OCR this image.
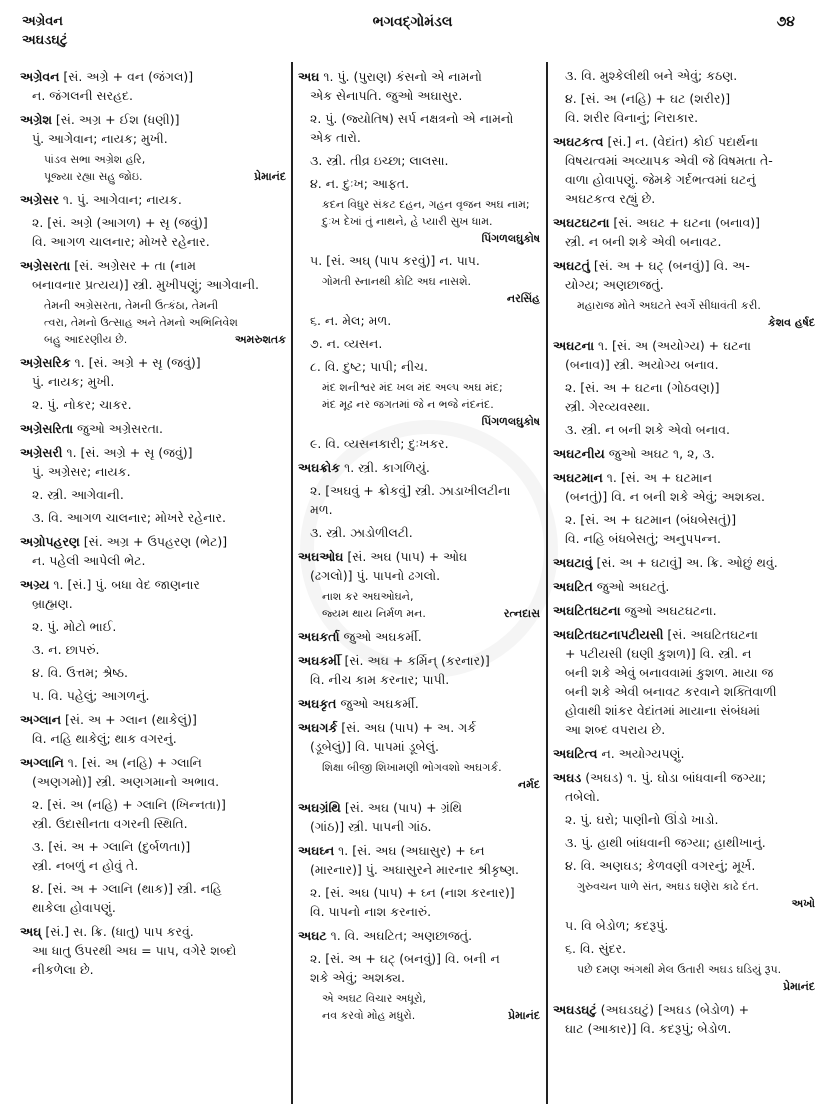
અગ્રેવન
અઘડઘટું
ભગવદ્ગોમંડલ	૭૪
અગ્રેવન [સં. અગ્રે + વન (જંગલ)]
ન. જંગલની સરહદ.
અગ્રેશ [સં. અગ્ર + ઈશ (ધણી)]
પું. આગેવાન; નાયક; મુખી.
પાંડવ સભા અગ્રેશ હરિ,
પ્રેમાનંદ
પૂજ્યા રહ્યા સહુ જોઇ.
અગ્રેસર ૧. પું. આગેવાન; નાયક.
૨. [સં. અગ્રે (આગળ) + સૃ (જવું)]
વિ. આગળ ચાલનાર; મોખરે રહેનાર.
અગ્રેસરતા [સં. અગ્રેસર + તા (નામ
બનાવનાર પ્રત્યય)] સ્ત્રી. મુખીપણું; આગેવાની.
તેમની અગ્રેસરતા, તેમની ઉત્કંઠા, તેમની
ત્વરા, તેમનો ઉત્સાહ અને તેમનો અભિનિવેશ
અમરુશતક
બહુ આદરણીય છે.
અગ્રેસરિક ૧. [સં. અગ્રે + સૃ (જવું)]
પું. નાયક; મુખી.
૨. પું. નોકર; ચાકર.
અગ્રેસરિતા જુઓ અગ્રેસરતા.
અગ્રેસરી ૧. [સં. અગ્રે + સૃ (જવું)]
પું. અગ્રેસર; નાયક.
૨. સ્ત્રી. આગેવાની.
૩. વિ. આગળ ચાલનાર; મોખરે રહેનાર.
અગ્રોપહરણ [સં. અગ્ર + ઉપહરણ (ભેટ)]
ન. પહેલી આપેલી ભેટ.
અગ્ર્ય ૧. [સં.] પું. બધા વેદ જાણનાર
બ્રાહ્મણ.
૨. પું. મોટો ભાઈ.
૩. ન. છાપરું.
૪. વિ. ઉત્તમ; શ્રેષ્ઠ.
૫. વિ. પહેલું; આગળનું.
અગ્લાન [સં. અ + ગ્લાન (થાકેલું)]
વિ. નહિ થાકેલું; થાક વગરનું.
અગ્લાનિ ૧. [સં. અ (નહિ) + ગ્લાનિ
(અણગમો)] સ્ત્રી. અણગમાનો અભાવ.
૨. [સં. અ (નહિ) + ગ્લાનિ (ખિન્નતા)]
સ્ત્રી. ઉદાસીનતા વગરની સ્થિતિ.
૩. [સં. અ + ગ્લાનિ (દુર્બળતા)]
સ્ત્રી. નબળું ન હોવું તે.
૪. [સં. અ + ગ્લાનિ (થાક)] સ્ત્રી. નહિ
થાકેલા હોવાપણું.
અઘ્ [સં.] સ. ક્રિ. (ધાતુ) પાપ કરવું.
આ ધાતુ ઉપરથી અઘ = પાપ, વગેરે શબ્દો
નીકળેલા છે.
અઘ ૧. પું. (પુરાણ) કંસનો એ નામનો
એક સેનાપતિ. જુઓ અઘાસુર.
૨. પું. (જ્યોતિષ) સર્પ નક્ષત્રનો એ નામનો
એક તારો.
૩. સ્ત્રી. તીવ્ર ઇચ્છા; લાલસા.
૪. ન. દુઃખ; આફત.
કદન વિધુર સંકટ દહન, ગહન વૃજન અઘ નામ;
દુઃખ દેખાં તું નાથને, હે પ્યારી સુખ ધામ.
પિંગળલઘુકોષ
૫. [સં. અઘ્ (પાપ કરવું)] ન. પાપ.
ગોમતી સ્નાનથી કોટિ અઘ નાસશે.
નરસિંહ
૬. ન. મેલ; મળ.
૭. ન. વ્યસન.
૮. વિ. દુષ્ટ; પાપી; નીચ.
મંદ શનીશ્વર મંદ ખલ મંદ અલ્પ અઘ મંદ;
મંદ મૂઢ નર જગતમાં જે ન ભજે નંદનંદ.
પિંગળલઘુકોષ
૯. વિ. વ્યસનકારી; દુઃખકર.
અઘક્રોક ૧. સ્ત્રી. કાગળિયું.
૨. [અઘવું + ક્રોકવું] સ્ત્રી. ઝાડાખીલટીના
મળ.
૩. સ્ત્રી. ઝાડોળીલટી.
અઘઓઘ [સં. અઘ (પાપ) + ઓઘ
(ઢગલો)] પું. પાપનો ઢગલો.
નાશ કર અઘઓઘને,
રત્નદાસ
જ્યમ થાય નિર્મળ મન.
અઘકર્તા જુઓ અઘકર્મી.
અઘકર્મી [સં. અઘ + કર્મિન્ (કરનાર)]
વિ. નીચ કામ કરનાર; પાપી.
અઘકૃત જુઓ અઘકર્મી.
અઘગર્ક [સં. અઘ (પાપ) + અ. ગર્ક
(ડૂબેલું)] વિ. પાપમાં ડૂબેલું.
શિક્ષા બીજી શિખામણી ભોગવશો અઘગર્ક.
નર્મદ
અઘગ્રંથિ [સં. અઘ (પાપ) + ગ્રંથિ
(ગાંઠ)] સ્ત્રી. પાપની ગાંઠ.
અઘઘ્ન ૧. [સં. અઘ (અઘાસુર) + ઘ્ન
(મારનાર)] પું. અઘાસુરને મારનાર શ્રીકૃષ્ણ.
૨. [સં. અઘ (પાપ) + ઘ્ન (નાશ કરનાર)]
વિ. પાપનો નાશ કરનારું.
અઘટ ૧. વિ. અઘટિત; અણછાજતું.
૨. [સં. અ + ઘટ્ (બનવું)] વિ. બની ન
શકે એવું; અશક્ય.
એ અઘટ વિચાર અધૂરો,
પ્રેમાનંદ
નવ કરવો મોહ મધુરો.
૩. વિ. મુશ્કેલીથી બને એવું; કઠણ.
૪. [સં. અ (નહિ) + ઘટ (શરીર)]
વિ. શરીર વિનાનું; નિરાકાર.
અઘટકત્વ [સં.] ન. (વેદાંત) કોઈ પદાર્થના
વિષયત્વમાં અવ્યાપક એવી જે વિષમતા તે-
વાળા હોવાપણું. જેમકે ગર્દભત્વમાં ઘટનું
અઘટકત્વ રહ્યું છે.
અઘટઘટના [સં. અઘટ + ઘટના (બનાવ)]
સ્ત્રી. ન બની શકે એવી બનાવટ.
અઘટતું [સં. અ + ઘટ્ (બનવું)] વિ. અ-
યોગ્ય; અણછાજતું.
મહારાજ મોતે અઘટતે સ્વર્ગે સીધાવંતી કરી.
કેશવ હર્ષદ
અઘટના ૧. [સં. અ (અયોગ્ય) + ઘટના
(બનાવ)] સ્ત્રી. અયોગ્ય બનાવ.
૨. [સં. અ + ઘટના (ગોઠવણ)]
સ્ત્રી. ગેરવ્યવસ્થા.
૩. સ્ત્રી. ન બની શકે એવો બનાવ.
અઘટનીય જુઓ અઘટ ૧, ૨, ૩.
અઘટમાન ૧. [સં. અ + ઘટમાન
(બનતું)] વિ. ન બની શકે એવું; અશક્ય.
૨. [સં. અ + ઘટમાન (બંધબેસતું)]
વિ. નહિ બંધબેસતું; અનુપપન્ન.
અઘટાવું [સં. અ + ઘટાવું] અ. ક્રિ. ઓછું થવું.
અઘટિત જુઓ અઘટતું.
અઘટિતઘટના જુઓ અઘટઘટના.
અઘટિતઘટનાપટીયસી [સં. અઘટિતઘટના
+ પટીયસી (ઘણી કુશળ)] વિ. સ્ત્રી. ન
બની શકે એવું બનાવવામાં કુશળ. માયા જ
બની શકે એવી બનાવટ કરવાને શક્તિવાળી
હોવાથી શાંકર વેદાંતમાં માયાના સંબંધમાં
આ શબ્દ વપરાય છે.
અઘટિત્વ ન. અયોગ્યપણું.
અઘડ (અઘડ) ૧. પું. ઘોડા બાંધવાની જગ્યા;
તબેલો.
૨. પું. ઘરો; પાણીનો ઊંડો ખાડો.
૩. પું. હાથી બાંધવાની જગ્યા; હાથીખાનું.
૪. વિ. અણઘડ; કેળવણી વગરનું; મૂર્ખ.
ગુરુવચન પાળે સંત, અઘડ ઘણેરા કાઢે દંત.
અખો
૫. વિ બેડોળ; કદરૂપું.
૬. વિ. સુંદર.
પછે દમણ અંગથી મેલ ઉતારી અઘડ ઘડિયું રૂપ.
પ્રેમાનંદ
અઘડઘટું (અઘડઘટું) [અઘડ (બેડોળ) +
ઘાટ (આકાર)] વિ. કદરૂપું; બેડોળ.
